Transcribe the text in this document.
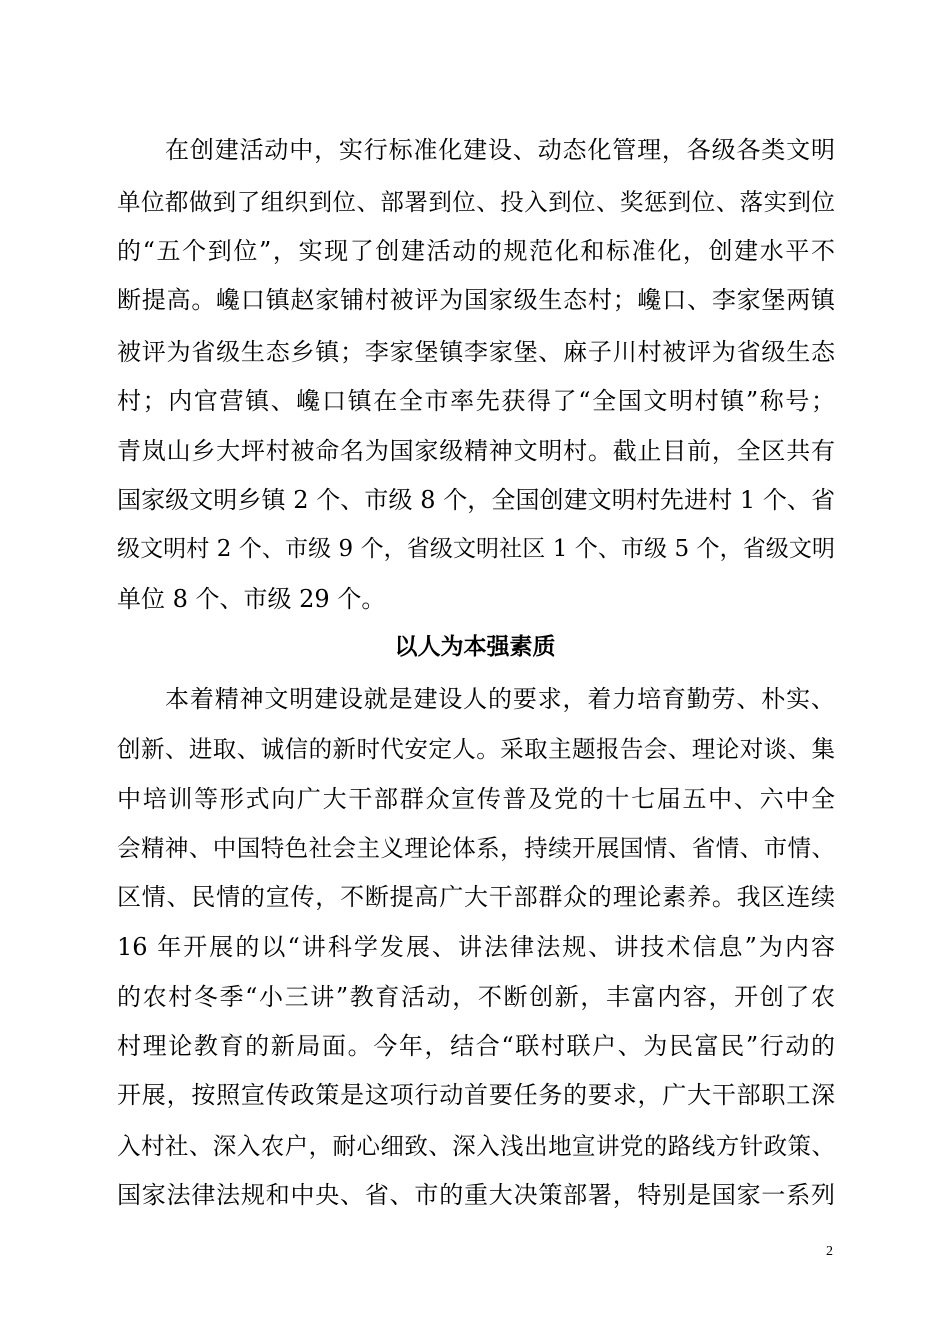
在创建活动中，实行标准化建设、动态化管理，各级各类文明
单位都做到了组织到位、部署到位、投入到位、奖惩到位、落实到位
的“五个到位”，实现了创建活动的规范化和标准化，创建水平不
断提高。巉口镇赵家铺村被评为国家级生态村；巉口、李家堡两镇
被评为省级生态乡镇；李家堡镇李家堡、麻子川村被评为省级生态
村；内官营镇、巉口镇在全市率先获得了“全国文明村镇”称号；
青岚山乡大坪村被命名为国家级精神文明村。截止目前，全区共有
国家级文明乡镇 2 个、市级 8 个，全国创建文明村先进村 1 个、省
级文明村 2 个、市级 9 个，省级文明社区 1 个、市级 5 个，省级文明
单位 8 个、市级 29 个。
以人为本强素质
本着精神文明建设就是建设人的要求，着力培育勤劳、朴实、
创新、进取、诚信的新时代安定人。采取主题报告会、理论对谈、集
中培训等形式向广大干部群众宣传普及党的十七届五中、六中全
会精神、中国特色社会主义理论体系，持续开展国情、省情、市情、
区情、民情的宣传，不断提高广大干部群众的理论素养。我区连续
16 年开展的以“讲科学发展、讲法律法规、讲技术信息”为内容
的农村冬季“小三讲”教育活动，不断创新，丰富内容，开创了农
村理论教育的新局面。今年，结合“联村联户、为民富民”行动的
开展，按照宣传政策是这项行动首要任务的要求，广大干部职工深
入村社、深入农户，耐心细致、深入浅出地宣讲党的路线方针政策、
国家法律法规和中央、省、市的重大决策部署，特别是国家一系列
2
